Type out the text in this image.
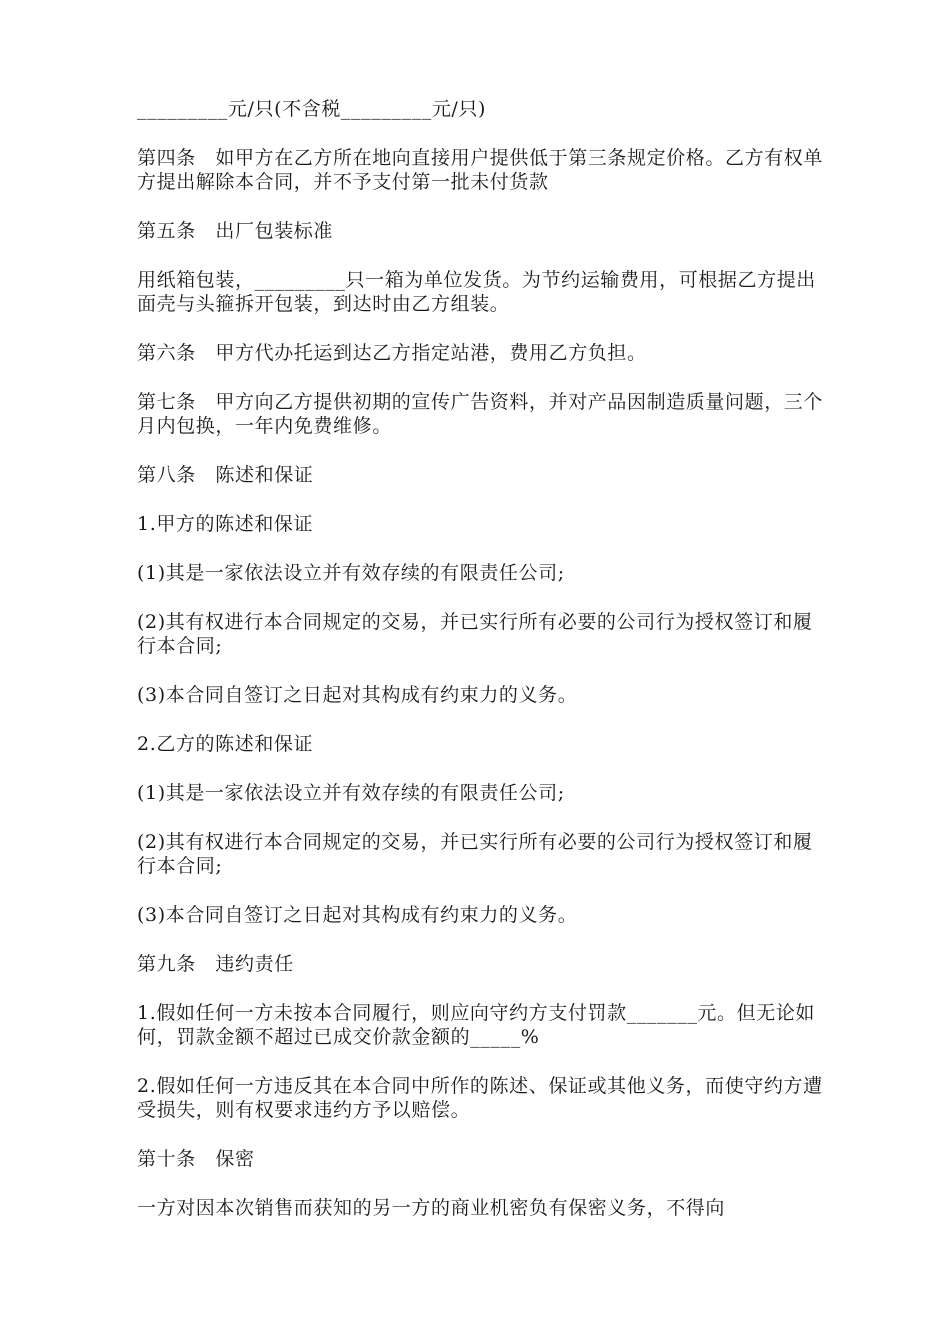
_________元/只(不含税_________元/只)

第四条　如甲方在乙方所在地向直接用户提供低于第三条规定价格。乙方有权单方提出解除本合同，并不予支付第一批未付货款

第五条　出厂包装标准

用纸箱包装，_________只一箱为单位发货。为节约运输费用，可根据乙方提出面壳与头箍拆开包装，到达时由乙方组装。

第六条　甲方代办托运到达乙方指定站港，费用乙方负担。

第七条　甲方向乙方提供初期的宣传广告资料，并对产品因制造质量问题，三个月内包换，一年内免费维修。

第八条　陈述和保证

1.甲方的陈述和保证

(1)其是一家依法设立并有效存续的有限责任公司;

(2)其有权进行本合同规定的交易，并已实行所有必要的公司行为授权签订和履行本合同;

(3)本合同自签订之日起对其构成有约束力的义务。

2.乙方的陈述和保证

(1)其是一家依法设立并有效存续的有限责任公司;

(2)其有权进行本合同规定的交易，并已实行所有必要的公司行为授权签订和履行本合同;

(3)本合同自签订之日起对其构成有约束力的义务。

第九条　违约责任

1.假如任何一方未按本合同履行，则应向守约方支付罚款_______元。但无论如何，罚款金额不超过已成交价款金额的_____%

2.假如任何一方违反其在本合同中所作的陈述、保证或其他义务，而使守约方遭受损失，则有权要求违约方予以赔偿。

第十条　保密

一方对因本次销售而获知的另一方的商业机密负有保密义务，不得向
